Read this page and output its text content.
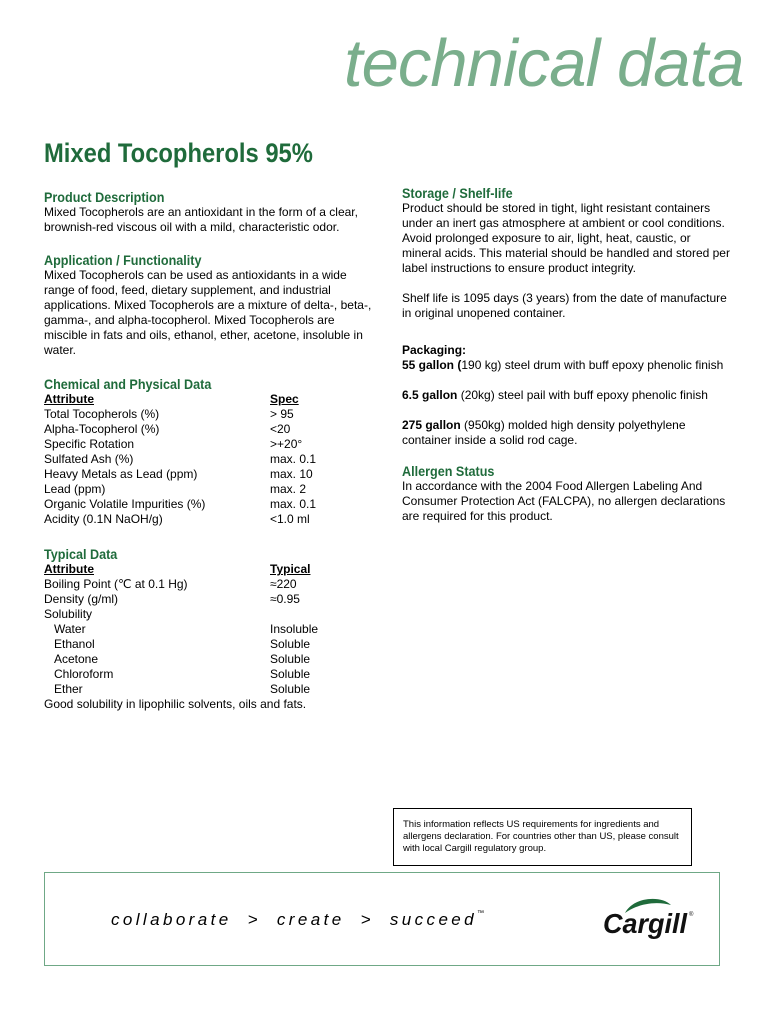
technical data
Mixed Tocopherols 95%
Product Description

Mixed Tocopherols are an antioxidant in the form of a clear, brownish-red viscous oil with a mild, characteristic odor.

Application / Functionality

Mixed Tocopherols can be used as antioxidants in a wide range of food, feed, dietary supplement, and industrial applications. Mixed Tocopherols are a mixture of delta-, beta-, gamma-, and alpha-tocopherol. Mixed Tocopherols are miscible in fats and oils, ethanol, ether, acetone, insoluble in water.

Chemical and Physical Data
Attribute	Spec
Total Tocopherols (%)	> 95
Alpha-Tocopherol (%)	<20
Specific Rotation	>+20°
Sulfated Ash (%)	max. 0.1
Heavy Metals as Lead (ppm)	max. 10
Lead (ppm)	max. 2
Organic Volatile Impurities (%)	max. 0.1
Acidity (0.1N NaOH/g)	<1.0 ml
Typical Data
Attribute	Typical
Boiling Point (℃ at 0.1 Hg)	≈220
Density (g/ml)	≈0.95
Solubility
Water	Insoluble
Ethanol	Soluble
Acetone	Soluble
Chloroform	Soluble
Ether	Soluble

Good solubility in lipophilic solvents, oils and fats.

Storage / Shelf-life

Product should be stored in tight, light resistant containers under an inert gas atmosphere at ambient or cool conditions. Avoid prolonged exposure to air, light, heat, caustic, or mineral acids. This material should be handled and stored per label instructions to ensure product integrity.

Shelf life is 1095 days (3 years) from the date of manufacture in original unopened container.

Packaging:

55 gallon (190 kg) steel drum with buff epoxy phenolic finish

6.5 gallon (20kg) steel pail with buff epoxy phenolic finish

275 gallon (950kg) molded high density polyethylene container inside a solid rod cage.

Allergen Status

In accordance with the 2004 Food Allergen Labeling And Consumer Protection Act (FALCPA), no allergen declarations are required for this product.

This information reflects US requirements for ingredients and allergens declaration. For countries other than US, please consult with local Cargill regulatory group.
collaborate > create > succeed™	Cargill ®
